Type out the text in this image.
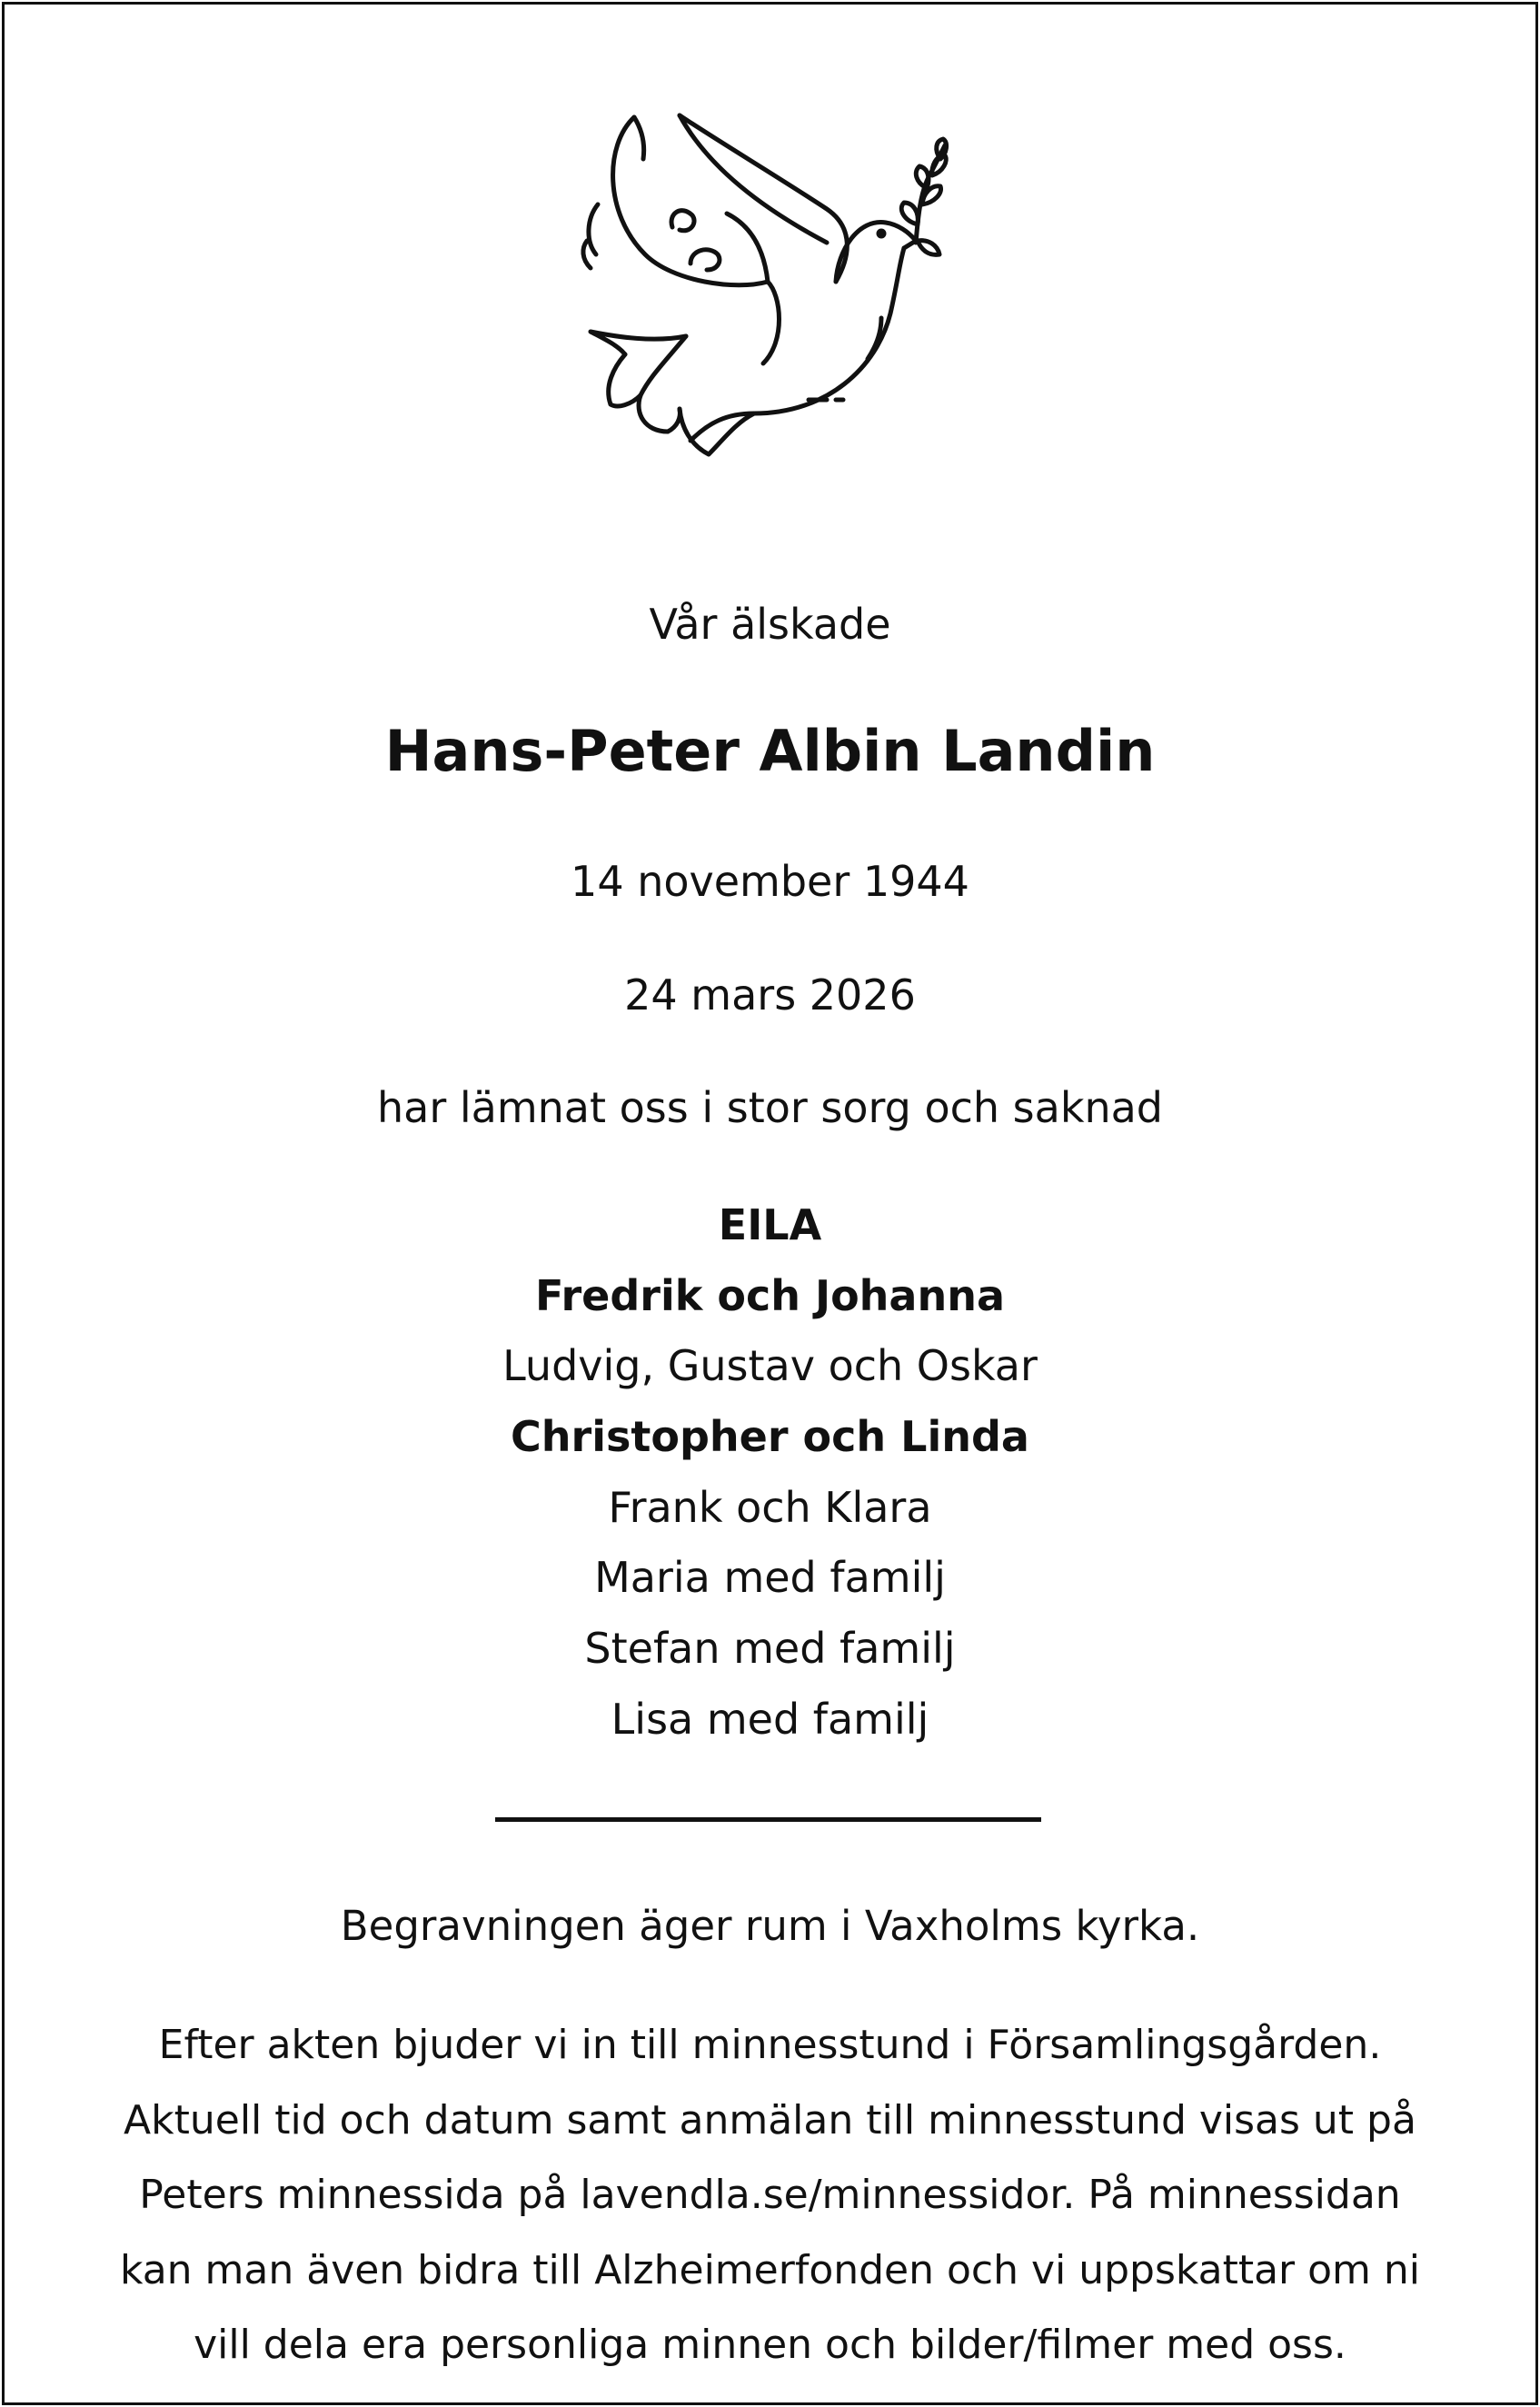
Vår älskade
Hans-Peter Albin Landin
14 november 1944
24 mars 2026
har lämnat oss i stor sorg och saknad
EILA
Fredrik och Johanna
Ludvig, Gustav och Oskar
Christopher och Linda
Frank och Klara
Maria med familj
Stefan med familj
Lisa med familj
Begravningen äger rum i Vaxholms kyrka.
Efter akten bjuder vi in till minnesstund i Församlingsgården.
Aktuell tid och datum samt anmälan till minnesstund visas ut på
Peters minnessida på lavendla.se/minnessidor. På minnessidan
kan man även bidra till Alzheimerfonden och vi uppskattar om ni
vill dela era personliga minnen och bilder/filmer med oss.
